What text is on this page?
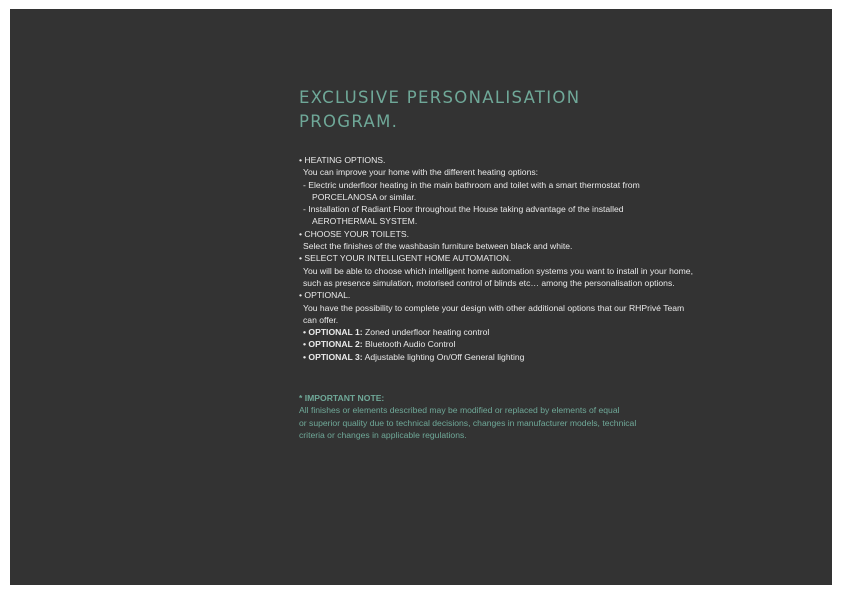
EXCLUSIVE PERSONALISATION
PROGRAM.
• HEATING OPTIONS.
You can improve your home with the different heating options:
- Electric underfloor heating in the main bathroom and toilet with a smart thermostat from
PORCELANOSA or similar.
- Installation of Radiant Floor throughout the House taking advantage of the installed
AEROTHERMAL SYSTEM.
• CHOOSE YOUR TOILETS.
Select the finishes of the washbasin furniture between black and white.
• SELECT YOUR INTELLIGENT HOME AUTOMATION.
You will be able to choose which intelligent home automation systems you want to install in your home,
such as presence simulation, motorised control of blinds etc… among the personalisation options.
• OPTIONAL.
You have the possibility to complete your design with other additional options that our RHPrivé Team
can offer.
• OPTIONAL 1: Zoned underfloor heating control
• OPTIONAL 2: Bluetooth Audio Control
• OPTIONAL 3: Adjustable lighting On/Off General lighting
* IMPORTANT NOTE:
All finishes or elements described may be modified or replaced by elements of equal
or superior quality due to technical decisions, changes in manufacturer models, technical
criteria or changes in applicable regulations.
